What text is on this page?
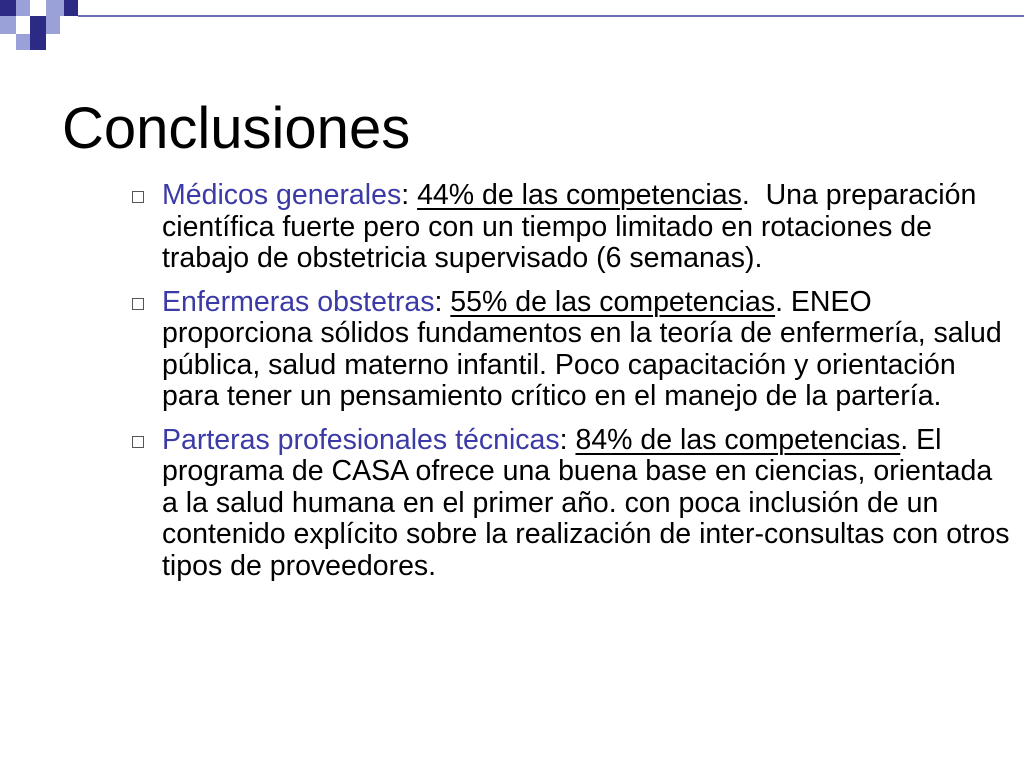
Conclusiones
Médicos generales: 44% de las competencias.  Una preparación científica fuerte pero con un tiempo limitado en rotaciones de trabajo de obstetricia supervisado (6 semanas).
Enfermeras obstetras: 55% de las competencias. ENEO proporciona sólidos fundamentos en la teoría de enfermería, salud pública, salud materno infantil. Poco capacitación y orientación para tener un pensamiento crítico en el manejo de la partería.
Parteras profesionales técnicas: 84% de las competencias. El programa de CASA ofrece una buena base en ciencias, orientada a la salud humana en el primer año. con poca inclusión de un contenido explícito sobre la realización de inter-consultas con otros tipos de proveedores.
